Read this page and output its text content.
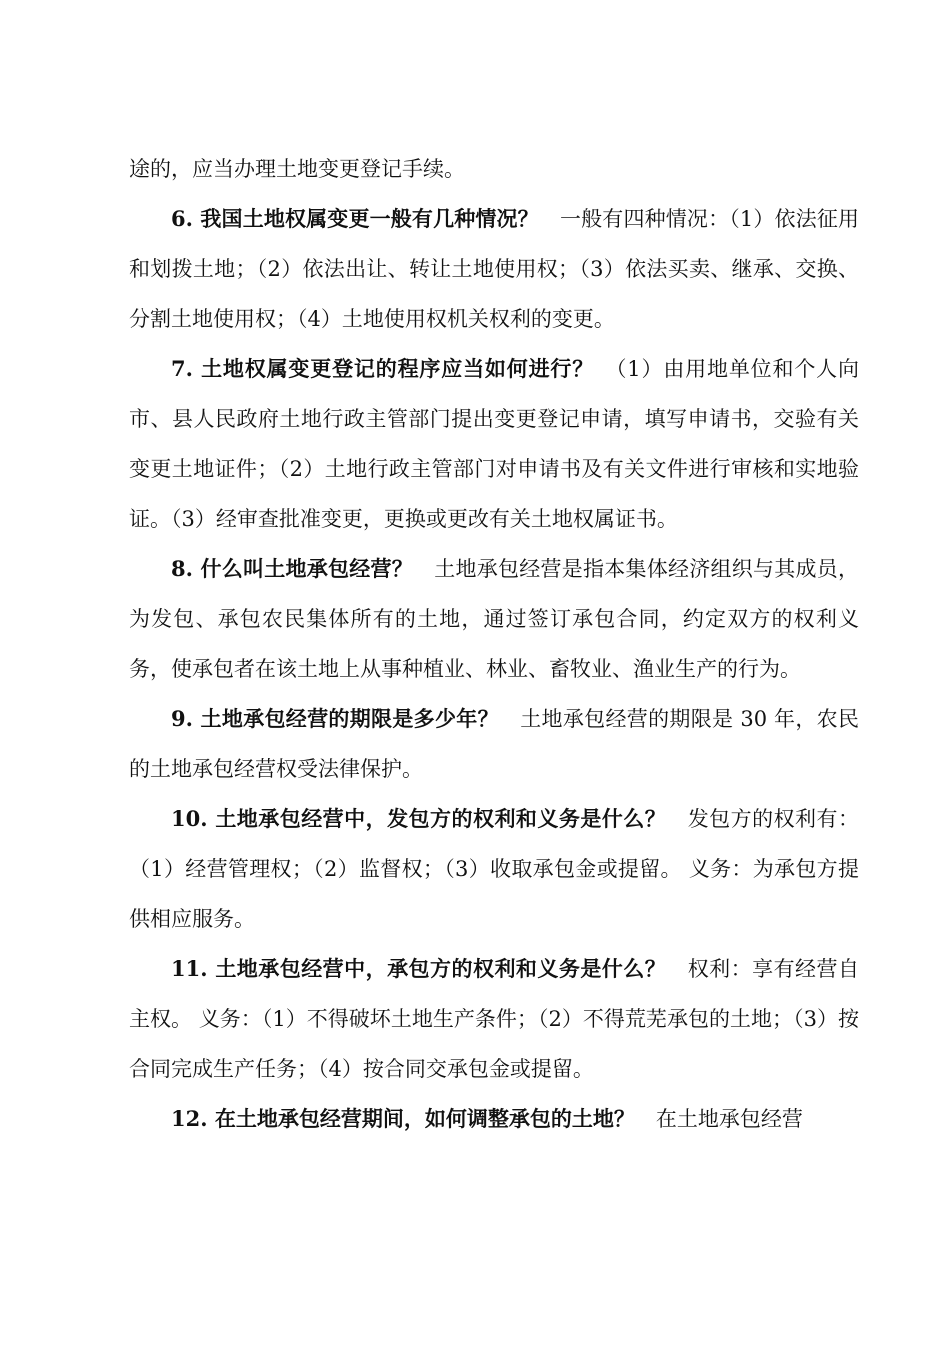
途的，应当办理土地变更登记手续。

6. 我国土地权属变更一般有几种情况？　 一般有四种情况：（1）依法征用和划拨土地；（2）依法出让、转让土地使用权；（3）依法买卖、继承、交换、分割土地使用权；（4）土地使用权机关权利的变更。

7. 土地权属变更登记的程序应当如何进行？　 （1）由用地单位和个人向市、县人民政府土地行政主管部门提出变更登记申请，填写申请书，交验有关变更土地证件；（2）土地行政主管部门对申请书及有关文件进行审核和实地验证。（3）经审查批准变更，更换或更改有关土地权属证书。

8. 什么叫土地承包经营？　 土地承包经营是指本集体经济组织与其成员，为发包、承包农民集体所有的土地，通过签订承包合同，约定双方的权利义务，使承包者在该土地上从事种植业、林业、畜牧业、渔业生产的行为。

9. 土地承包经营的期限是多少年？　 土地承包经营的期限是 30 年，农民的土地承包经营权受法律保护。

10. 土地承包经营中，发包方的权利和义务是什么？　 发包方的权利有：（1）经营管理权；（2）监督权；（3）收取承包金或提留。 义务：为承包方提供相应服务。

11. 土地承包经营中，承包方的权利和义务是什么？　 权利：享有经营自主权。 义务：（1）不得破坏土地生产条件；（2）不得荒芜承包的土地；（3）按合同完成生产任务；（4）按合同交承包金或提留。

12. 在土地承包经营期间，如何调整承包的土地？　 在土地承包经营
